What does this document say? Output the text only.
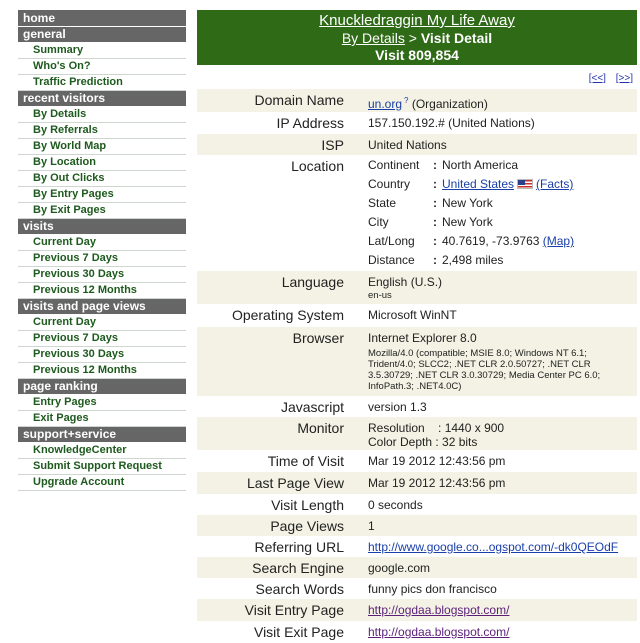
home
general
Summary
Who's On?
Traffic Prediction
recent visitors
By Details
By Referrals
By World Map
By Location
By Out Clicks
By Entry Pages
By Exit Pages
visits
Current Day
Previous 7 Days
Previous 30 Days
Previous 12 Months
visits and page views
Current Day
Previous 7 Days
Previous 30 Days
Previous 12 Months
page ranking
Entry Pages
Exit Pages
support+service
KnowledgeCenter
Submit Support Request
Upgrade Account
Knuckledraggin My Life Away
By Details > Visit Detail
Visit 809,854
[<<] [>>]
Domain Name	un.org ? (Organization)
IP Address	157.150.192.# (United Nations)
ISP	United Nations
Location	Continent	:	North America
Country	:	United States (Facts)
State	:	New York
City	:	New York
Lat/Long	:	40.7619, -73.9763 (Map)
Distance	:	2,498 miles

Language	English (U.S.)
en-us

Operating System	Microsoft WinNT
Browser	Internet Explorer 8.0
Mozilla/4.0 (compatible; MSIE 8.0; Windows NT 6.1; Trident/4.0; SLCC2; .NET CLR 2.0.50727; .NET CLR 3.5.30729; .NET CLR 3.0.30729; Media Center PC 6.0; InfoPath.3; .NET4.0C)

Javascript	version 1.3
Monitor	Resolution    : 1440 x 900
Color Depth : 32 bits

Time of Visit	Mar 19 2012 12:43:56 pm
Last Page View	Mar 19 2012 12:43:56 pm
Visit Length	0 seconds
Page Views	1
Referring URL	http://www.google.co...ogspot.com/-dk0QEOdF
Search Engine	google.com
Search Words	funny pics don francisco
Visit Entry Page	http://ogdaa.blogspot.com/
Visit Exit Page	http://ogdaa.blogspot.com/
